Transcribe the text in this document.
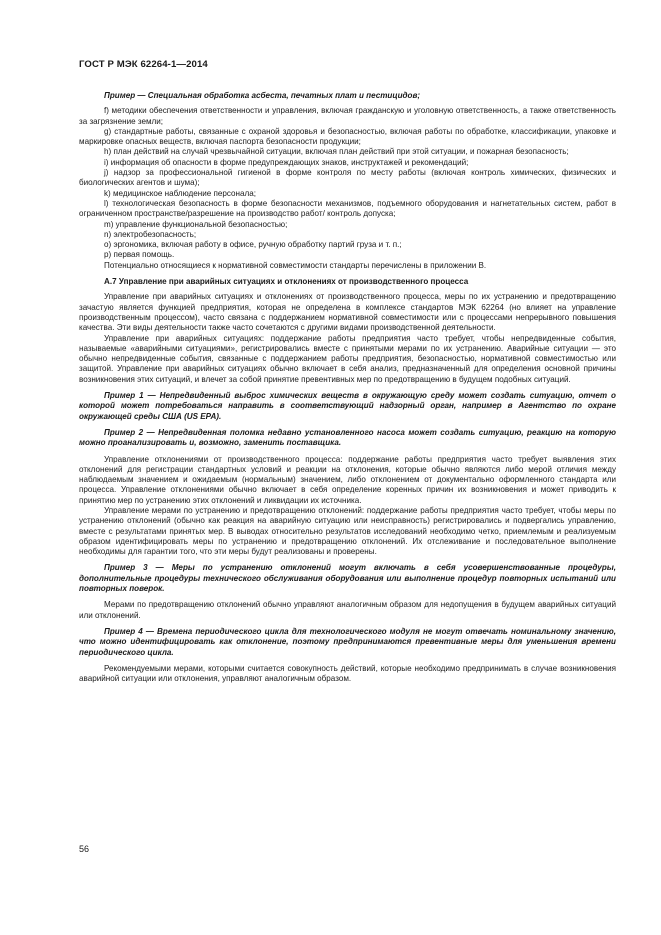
ГОСТ Р МЭК 62264-1—2014

Пример — Специальная обработка асбеста, печатных плат и пестицидов;

f) методики обеспечения ответственности и управления, включая гражданскую и уголовную ответственность, а также ответственность за загрязнение земли;

g) стандартные работы, связанные с охраной здоровья и безопасностью, включая работы по обработке, классификации, упаковке и маркировке опасных веществ, включая паспорта безопасности продукции;

h) план действий на случай чрезвычайной ситуации, включая план действий при этой ситуации, и пожарная безопасность;

i) информация об опасности в форме предупреждающих знаков, инструктажей и рекомендаций;

j) надзор за профессиональной гигиеной в форме контроля по месту работы (включая контроль химических, физических и биологических агентов и шума);

k) медицинское наблюдение персонала;

l) технологическая безопасность в форме безопасности механизмов, подъемного оборудования и нагнетательных систем, работ в ограниченном пространстве/разрешение на производство работ/ контроль допуска;

m) управление функциональной безопасностью;

n) электробезопасность;

o) эргономика, включая работу в офисе, ручную обработку партий груза и т. п.;

p) первая помощь.

Потенциально относящиеся к нормативной совместимости стандарты перечислены в приложении В.

А.7 Управление при аварийных ситуациях и отклонениях от производственного процесса

Управление при аварийных ситуациях и отклонениях от производственного процесса, меры по их устранению и предотвращению зачастую является функцией предприятия, которая не определена в комплексе стандартов МЭК 62264 (но влияет на управление производственным процессом), часто связана с поддержанием нормативной совместимости или с процессами непрерывного повышения качества. Эти виды деятельности также часто сочетаются с другими видами производственной деятельности.

Управление при аварийных ситуациях: поддержание работы предприятия часто требует, чтобы непредвиденные события, называемые «аварийными ситуациями», регистрировались вместе с принятыми мерами по их устранению. Аварийные ситуации — это обычно непредвиденные события, связанные с поддержанием работы предприятия, безопасностью, нормативной совместимостью или защитой. Управление при аварийных ситуациях обычно включает в себя анализ, предназначенный для определения основной причины возникновения этих ситуаций, и влечет за собой принятие превентивных мер по предотвращению в будущем подобных ситуаций.

Пример 1 — Непредвиденный выброс химических веществ в окружающую среду может создать ситуацию, отчет о которой может потребоваться направить в соответствующий надзорный орган, например в Агентство по охране окружающей среды США (US EPA).

Пример 2 — Непредвиденная поломка недавно установленного насоса может создать ситуацию, реакцию на которую можно проанализировать и, возможно, заменить поставщика.

Управление отклонениями от производственного процесса: поддержание работы предприятия часто требует выявления этих отклонений для регистрации стандартных условий и реакции на отклонения, которые обычно являются либо мерой отличия между наблюдаемым значением и ожидаемым (нормальным) значением, либо отклонением от документально оформленного стандарта или процесса. Управление отклонениями обычно включает в себя определение коренных причин их возникновения и может приводить к принятию мер по устранению этих отклонений и ликвидации их источника.

Управление мерами по устранению и предотвращению отклонений: поддержание работы предприятия часто требует, чтобы меры по устранению отклонений (обычно как реакция на аварийную ситуацию или неисправность) регистрировались и подвергались управлению, вместе с результатами принятых мер. В выводах относительно результатов исследований необходимо четко, приемлемым и реализуемым образом идентифицировать меры по устранению и предотвращению отклонений. Их отслеживание и последовательное выполнение необходимы для гарантии того, что эти меры будут реализованы и проверены.

Пример 3 — Меры по устранению отклонений могут включать в себя усовершенствованные процедуры, дополнительные процедуры технического обслуживания оборудования или выполнение процедур повторных испытаний или повторных поверок.

Мерами по предотвращению отклонений обычно управляют аналогичным образом для недопущения в будущем аварийных ситуаций или отклонений.

Пример 4 — Времена периодического цикла для технологического модуля не могут отвечать номинальному значению, что можно идентифицировать как отклонение, поэтому предпринимаются превентивные меры для уменьшения времени периодического цикла.

Рекомендуемыми мерами, которыми считается совокупность действий, которые необходимо предпринимать в случае возникновения аварийной ситуации или отклонения, управляют аналогичным образом.

56
